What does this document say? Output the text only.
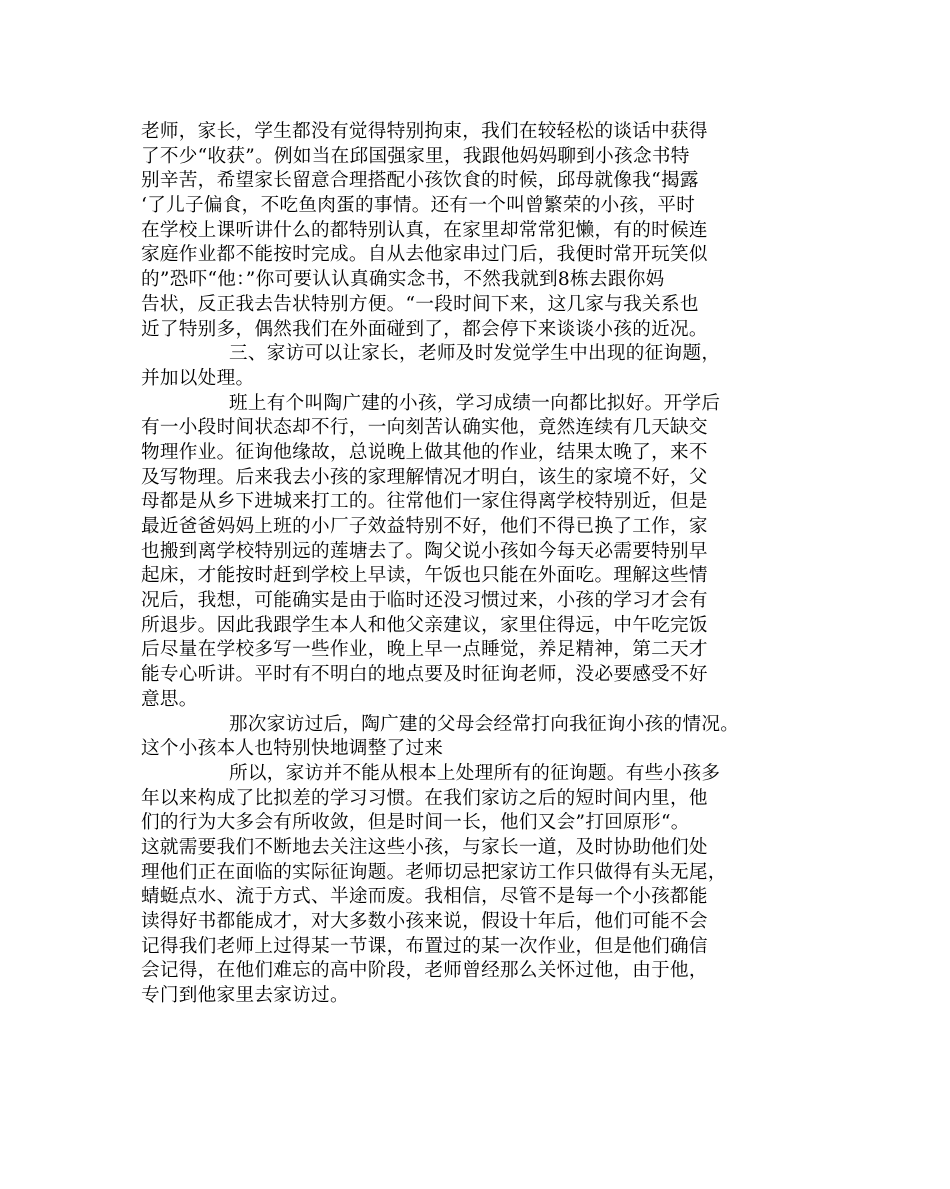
老师，家长，学生都没有觉得特别拘束，我们在较轻松的谈话中获得
了不少“收获”。例如当在邱国强家里，我跟他妈妈聊到小孩念书特
别辛苦，希望家长留意合理搭配小孩饮食的时候，邱母就像我“揭露
‘了儿子偏食，不吃鱼肉蛋的事情。还有一个叫曾繁荣的小孩，平时
在学校上课听讲什么的都特别认真，在家里却常常犯懒，有的时候连
家庭作业都不能按时完成。自从去他家串过门后，我便时常开玩笑似
的”恐吓“他：”你可要认认真确实念书，不然我就到8栋去跟你妈
告状，反正我去告状特别方便。“一段时间下来，这几家与我关系也
近了特别多，偶然我们在外面碰到了，都会停下来谈谈小孩的近况。
三、家访可以让家长，老师及时发觉学生中出现的征询题，
并加以处理。
班上有个叫陶广建的小孩，学习成绩一向都比拟好。开学后
有一小段时间状态却不行，一向刻苦认确实他，竟然连续有几天缺交
物理作业。征询他缘故，总说晚上做其他的作业，结果太晚了，来不
及写物理。后来我去小孩的家理解情况才明白，该生的家境不好，父
母都是从乡下进城来打工的。往常他们一家住得离学校特别近，但是
最近爸爸妈妈上班的小厂子效益特别不好，他们不得已换了工作，家
也搬到离学校特别远的莲塘去了。陶父说小孩如今每天必需要特别早
起床，才能按时赶到学校上早读，午饭也只能在外面吃。理解这些情
况后，我想，可能确实是由于临时还没习惯过来，小孩的学习才会有
所退步。因此我跟学生本人和他父亲建议，家里住得远，中午吃完饭
后尽量在学校多写一些作业，晚上早一点睡觉，养足精神，第二天才
能专心听讲。平时有不明白的地点要及时征询老师，没必要感受不好
意思。
那次家访过后，陶广建的父母会经常打向我征询小孩的情况。
这个小孩本人也特别快地调整了过来
所以，家访并不能从根本上处理所有的征询题。有些小孩多
年以来构成了比拟差的学习习惯。在我们家访之后的短时间内里，他
们的行为大多会有所收敛，但是时间一长，他们又会”打回原形“。
这就需要我们不断地去关注这些小孩，与家长一道，及时协助他们处
理他们正在面临的实际征询题。老师切忌把家访工作只做得有头无尾，
蜻蜓点水、流于方式、半途而废。我相信，尽管不是每一个小孩都能
读得好书都能成才，对大多数小孩来说，假设十年后，他们可能不会
记得我们老师上过得某一节课，布置过的某一次作业，但是他们确信
会记得，在他们难忘的高中阶段，老师曾经那么关怀过他，由于他，
专门到他家里去家访过。
